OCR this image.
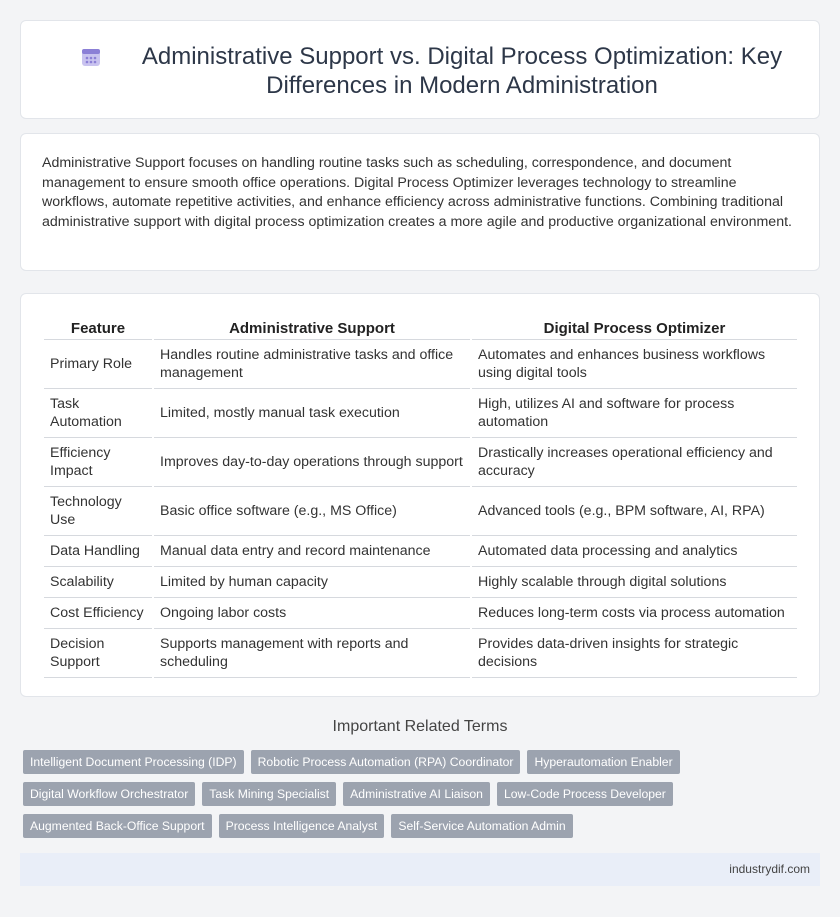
Administrative Support vs. Digital Process Optimization: Key Differences in Modern Administration

Administrative Support focuses on handling routine tasks such as scheduling, correspondence, and document management to ensure smooth office operations. Digital Process Optimizer leverages technology to streamline workflows, automate repetitive activities, and enhance efficiency across administrative functions. Combining traditional administrative support with digital process optimization creates a more agile and productive organizational environment.

Feature	Administrative Support	Digital Process Optimizer
Primary Role	Handles routine administrative tasks and office management	Automates and enhances business workflows using digital tools
Task Automation	Limited, mostly manual task execution	High, utilizes AI and software for process automation
Efficiency Impact	Improves day-to-day operations through support	Drastically increases operational efficiency and accuracy
Technology Use	Basic office software (e.g., MS Office)	Advanced tools (e.g., BPM software, AI, RPA)
Data Handling	Manual data entry and record maintenance	Automated data processing and analytics
Scalability	Limited by human capacity	Highly scalable through digital solutions
Cost Efficiency	Ongoing labor costs	Reduces long-term costs via process automation
Decision Support	Supports management with reports and scheduling	Provides data-driven insights for strategic decisions
Important Related Terms
Intelligent Document Processing (IDP)	Robotic Process Automation (RPA) Coordinator	Hyperautomation Enabler
Digital Workflow Orchestrator	Task Mining Specialist	Administrative AI Liaison	Low-Code Process Developer
Augmented Back-Office Support	Process Intelligence Analyst	Self-Service Automation Admin
industrydif.com
